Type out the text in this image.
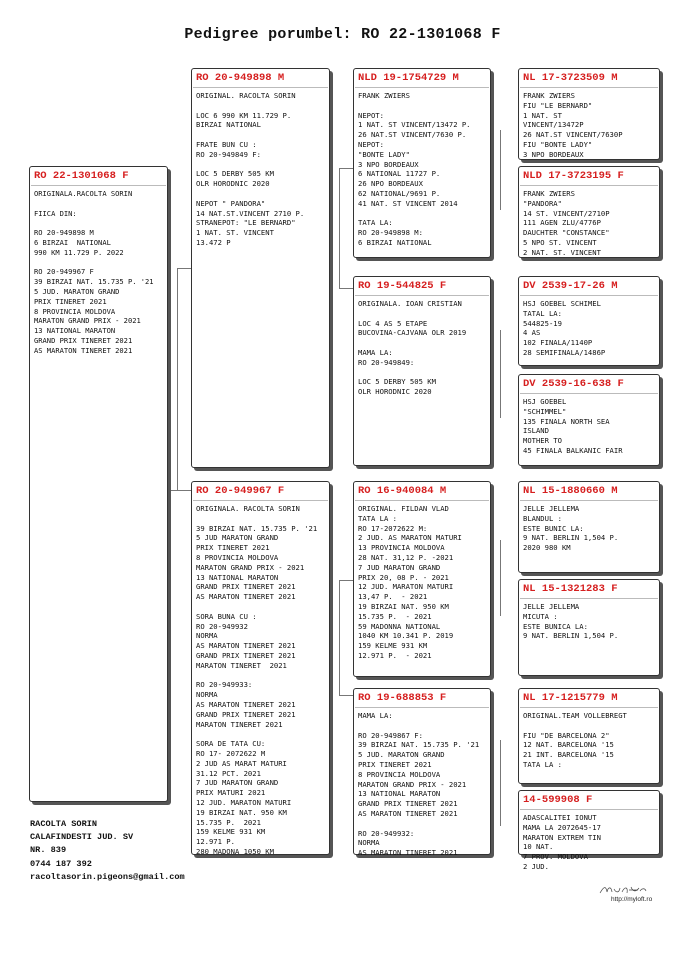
Pedigree porumbel: RO 22-1301068 F
RO 22-1301068 F
ORIGINALA.RACOLTA SORIN

FIICA DIN:

RO 20-949898 M
6 BIRZAI  NATIONAL
990 KM 11.729 P. 2022

RO 20-949967 F
39 BIRZAI NAT. 15.735 P. '21
5 JUD. MARATON GRAND
PRIX TINERET 2021
8 PROVINCIA MOLDOVA
MARATON GRAND PRIX - 2021
13 NATIONAL MARATON
GRAND PRIX TINERET 2021
AS MARATON TINERET 2021
RO 20-949898 M
ORIGINAL. RACOLTA SORIN

LOC 6 990 KM 11.729 P.
BIRZAI NATIONAL

FRATE BUN CU :
RO 20-949849 F:

LOC 5 DERBY 505 KM
OLR HORODNIC 2020

NEPOT " PANDORA"
14 NAT.ST.VINCENT 2710 P.
STRANEPOT: "LE BERNARD"
1 NAT. ST. VINCENT
13.472 P
RO 20-949967 F
ORIGINALA. RACOLTA SORIN

39 BIRZAI NAT. 15.735 P. '21
5 JUD MARATON GRAND
PRIX TINERET 2021
8 PROVINCIA MOLDOVA
MARATON GRAND PRIX - 2021
13 NATIONAL MARATON
GRAND PRIX TINERET 2021
AS MARATON TINERET 2021

SORA BUNA CU :
RO 20-949932
NORMA
AS MARATON TINERET 2021
GRAND PRIX TINERET 2021
MARATON TINERET  2021

RO 20-949933:
NORMA
AS MARATON TINERET 2021
GRAND PRIX TINERET 2021
MARATON TINERET 2021

SORA DE TATA CU:
RO 17- 2072622 M
2 JUD AS MARAT MATURI
31.12 PCT. 2021
7 JUD MARATON GRAND
PRIX MATURI 2021
12 JUD. MARATON MATURI
19 BIRZAI NAT. 950 KM
15.735 P.  2021
159 KELME 931 KM
12.971 P.
280 MADONA 1050 KM
NLD 19-1754729 M
FRANK ZWIERS

NEPOT:
1 NAT. ST VINCENT/13472 P.
26 NAT.ST VINCENT/7630 P.
NEPOT:
"BONTE LADY"
3 NPO BORDEAUX
6 NATIONAL 11727 P.
26 NPO BORDEAUX
62 NATIONAL/9691 P.
41 NAT. ST VINCENT 2014

TATA LA:
RO 20-949898 M:
6 BIRZAI NATIONAL
RO 19-544825 F
ORIGINALA. IOAN CRISTIAN

LOC 4 AS 5 ETAPE
BUCOVINA-CAJVANA OLR 2019

MAMA LA:
RO 20-949849:

LOC 5 DERBY 505 KM
OLR HORODNIC 2020
RO 16-940084 M
ORIGINAL. FILDAN VLAD
TATA LA :
RO 17-2072622 M:
2 JUD. AS MARATON MATURI
13 PROVINCIA MOLDOVA
28 NAT. 31,12 P. -2021
7 JUD MARATON GRAND
PRIX 20, 08 P. - 2021
12 JUD. MARATON MATURI
13,47 P.  - 2021
19 BIRZAI NAT. 950 KM
15.735 P.  - 2021
59 MADONNA NATIONAL
1040 KM 10.341 P. 2019
159 KELME 931 KM
12.971 P.  - 2021
RO 19-688853 F
MAMA LA:

RO 20-949867 F:
39 BIRZAI NAT. 15.735 P. '21
5 JUD. MARATON GRAND
PRIX TINERET 2021
8 PROVINCIA MOLDOVA
MARATON GRAND PRIX - 2021
13 NATIONAL MARATON
GRAND PRIX TINERET 2021
AS MARATON TINERET 2021

RO 20-949932:
NORMA
AS MARATON TINERET 2021
NL 17-3723509 M
FRANK ZWIERS
FIU "LE BERNARD"
1 NAT. ST
VINCENT/13472P
26 NAT.ST VINCENT/7630P
FIU "BONTE LADY"
3 NPO BORDEAUX
NLD 17-3723195 F
FRANK ZWIERS
"PANDORA"
14 ST. VINCENT/2710P
111 AGEN ZLU/4776P
DAUCHTER "CONSTANCE"
5 NPO ST. VINCENT
2 NAT. ST. VINCENT
DV 2539-17-26 M
HSJ GOEBEL SCHIMEL
TATAL LA:
544825-19
4 AS
102 FINALA/1140P
28 SEMIFINALA/1486P
DV 2539-16-638 F
HSJ GOEBEL
"SCHIMMEL"
135 FINALA NORTH SEA
ISLAND
MOTHER TO
45 FINALA BALKANIC FAIR
NL 15-1880660 M
JELLE JELLEMA
BLANDUL :
ESTE BUNIC LA:
9 NAT. BERLIN 1,504 P.
2020 980 KM
NL 15-1321283 F
JELLE JELLEMA
MICUTA :
ESTE BUNICA LA:
9 NAT. BERLIN 1,504 P.
NL 17-1215779 M
ORIGINAL.TEAM VOLLEBREGT

FIU "DE BARCELONA 2"
12 NAT. BARCELONA '15
21 INT. BARCELONA '15
TATA LA :
14-599908 F
ADASCALITEI IONUT
MAMA LA 2072645-17
MARATON EXTREM TIN
10 NAT.
7 PROV. MOLDOVA
2 JUD.
RACOLTA SORIN
CALAFINDESTI JUD. SV
NR. 839
0744 187 392
racoltasorin.pigeons@gmail.com
http://myloft.ro
